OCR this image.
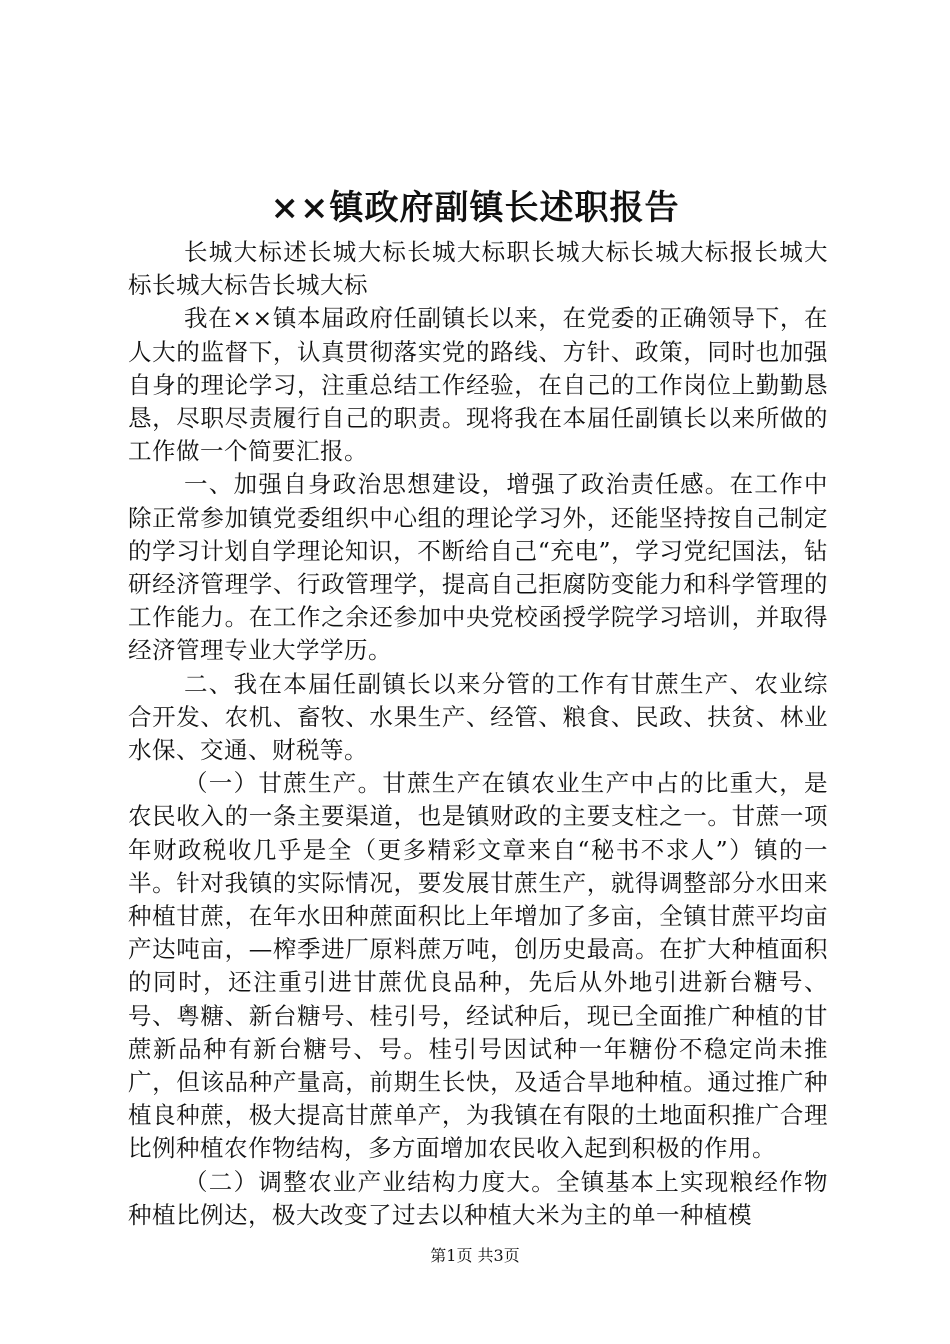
××镇政府副镇长述职报告

长城大标述长城大标长城大标职长城大标长城大标报长城大标长城大标告长城大标

我在××镇本届政府任副镇长以来，在党委的正确领导下，在人大的监督下，认真贯彻落实党的路线、方针、政策，同时也加强自身的理论学习，注重总结工作经验，在自己的工作岗位上勤勤恳恳，尽职尽责履行自己的职责。现将我在本届任副镇长以来所做的工作做一个简要汇报。

一、加强自身政治思想建设，增强了政治责任感。在工作中除正常参加镇党委组织中心组的理论学习外，还能坚持按自己制定的学习计划自学理论知识，不断给自己“充电”，学习党纪国法，钻研经济管理学、行政管理学，提高自己拒腐防变能力和科学管理的工作能力。在工作之余还参加中央党校函授学院学习培训，并取得经济管理专业大学学历。

二、我在本届任副镇长以来分管的工作有甘蔗生产、农业综合开发、农机、畜牧、水果生产、经管、粮食、民政、扶贫、林业水保、交通、财税等。

（一）甘蔗生产。甘蔗生产在镇农业生产中占的比重大，是农民收入的一条主要渠道，也是镇财政的主要支柱之一。甘蔗一项年财政税收几乎是全（更多精彩文章来自“秘书不求人”）镇的一半。针对我镇的实际情况，要发展甘蔗生产，就得调整部分水田来种植甘蔗，在年水田种蔗面积比上年增加了多亩，全镇甘蔗平均亩产达吨亩，—榨季进厂原料蔗万吨，创历史最高。在扩大种植面积的同时，还注重引进甘蔗优良品种，先后从外地引进新台糖号、号、粤糖、新台糖号、桂引号，经试种后，现已全面推广种植的甘蔗新品种有新台糖号、号。桂引号因试种一年糖份不稳定尚未推广，但该品种产量高，前期生长快，及适合旱地种植。通过推广种植良种蔗，极大提高甘蔗单产，为我镇在有限的土地面积推广合理比例种植农作物结构，多方面增加农民收入起到积极的作用。

（二）调整农业产业结构力度大。全镇基本上实现粮经作物种植比例达，极大改变了过去以种植大米为主的单一种植模

第1页 共3页
